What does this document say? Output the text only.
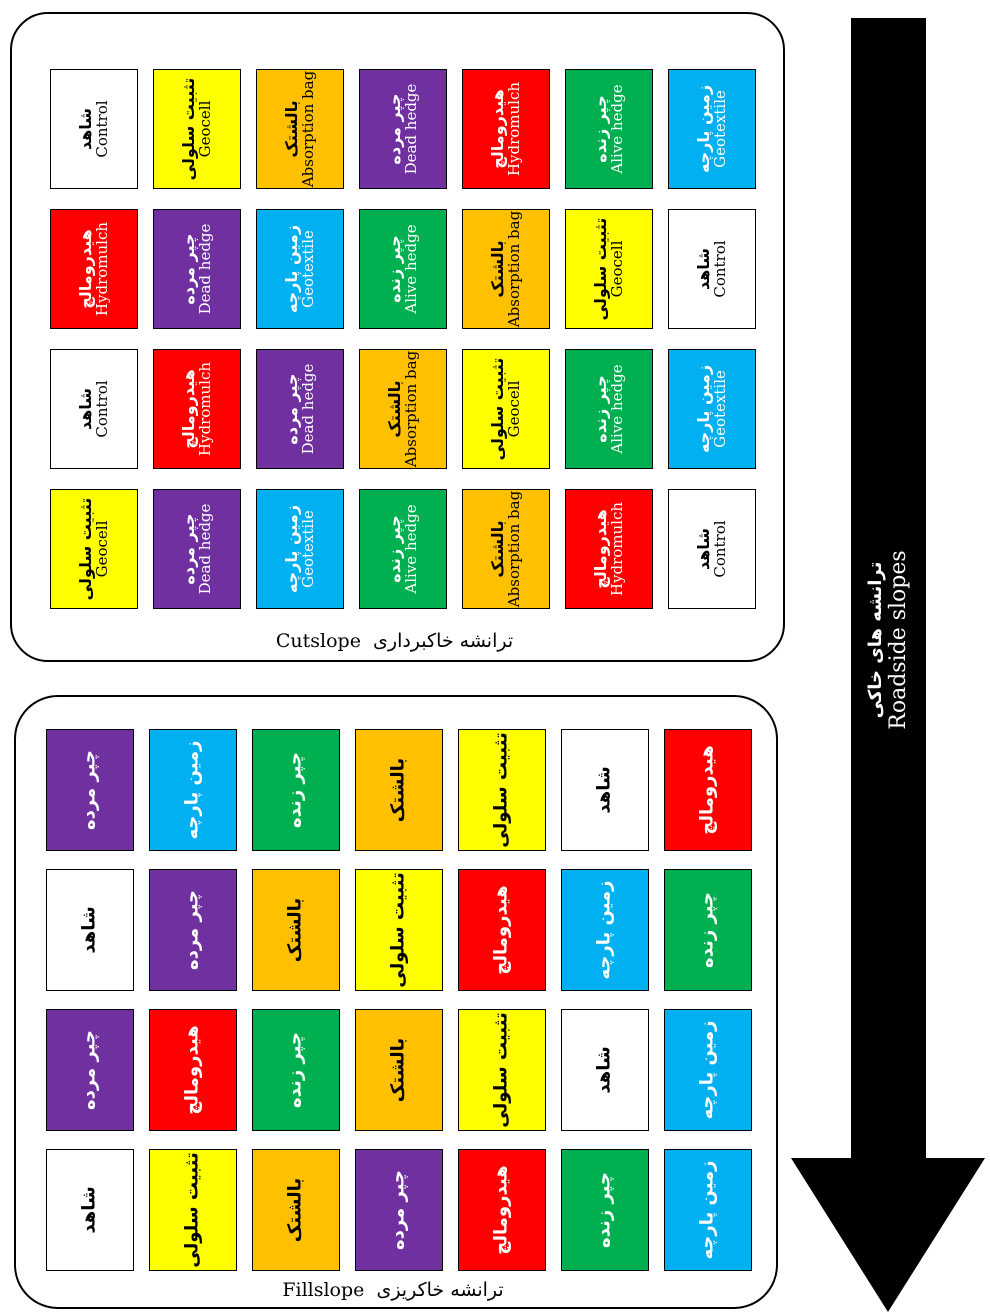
شاهد
Control
هیدرومالچ
Hydromulch
شاهد
Control
تثبیت سلولی
Geocell
تثبیت سلولی
Geocell
چپر مرده
Dead hedge
هیدرومالچ
Hydromulch
چپر مرده
Dead hedge
بالشتک
Absorption bag
زمین پارچه
Geotextile
چپر مرده
Dead hedge
زمین پارچه
Geotextile
چپر مرده
Dead hedge
چپر زنده
Alive hedge
بالشتک
Absorption bag
چپر زنده
Alive hedge
هیدرومالچ
Hydromulch
بالشتک
Absorption bag
تثبیت سلولی
Geocell
بالشتک
Absorption bag
چپر زنده
Alive hedge
تثبیت سلولی
Geocell
چپر زنده
Alive hedge
هیدرومالچ
Hydromulch
زمین پارچه
Geotextile
شاهد
Control
زمین پارچه
Geotextile
شاهد
Control
Cutslope ترانشه خاکبرداری
چپر مرده
شاهد
چپر مرده
شاهد
زمین پارچه
چپر مرده
هیدرومالچ
تثبیت سلولی
چپر زنده
بالشتک
چپر زنده
بالشتک
بالشتک
تثبیت سلولی
بالشتک
چپر مرده
تثبیت سلولی
هیدرومالچ
تثبیت سلولی
هیدرومالچ
شاهد
زمین پارچه
شاهد
چپر زنده
هیدرومالچ
چپر زنده
زمین پارچه
زمین پارچه
Fillslope ترانشه خاکریزی
ترانشه های خاکی Roadside slopes
